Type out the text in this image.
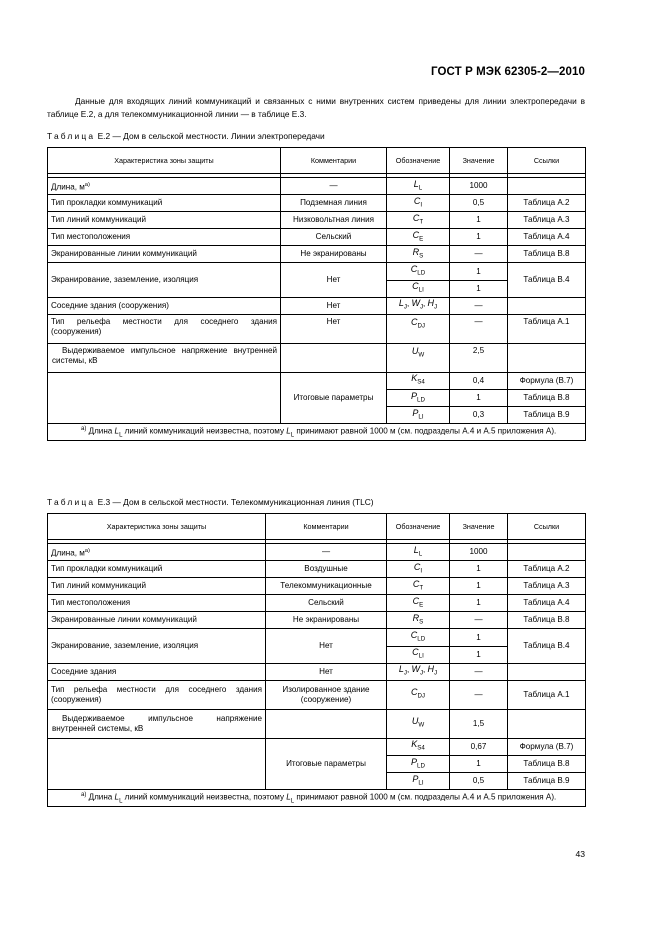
ГОСТ Р МЭК 62305-2—2010

Данные для входящих линий коммуникаций и связанных с ними внутренних систем приведены для линии электропередачи в таблице E.2, а для телекоммуникационной линии — в таблице E.3.

Таблица E.2 — Дом в сельской местности. Линии электропередачи
Характеристика зоны защиты	Комментарии	Обозначение	Значение	Ссылки

Длина, $м^{a)}$	—	$L_L$	1000	
Тип прокладки коммуникаций	Подземная линия	$C_I$	0,5	Таблица А.2
Тип линий коммуникаций	Низковольтная линия	$C_T$	1	Таблица А.3
Тип местоположения	Сельский	$C_E$	1	Таблица А.4
Экранированные линии коммуникаций	Не экранированы	$R_S$	—	Таблица В.8
Экранирование, заземление, изоляция	Нет	$C_{LD}$	1	Таблица В.4
		$C_{LI}$	1	
Соседние здания (сооружения)	Нет	$L_J$, $W_J$, $H_J$	—	
Тип рельефа местности для соседнего здания (сооружения)	Нет	$C_{DJ}$	—	Таблица А.1
Выдерживаемое импульсное напряжение внутренней системы, кВ		$U_W$	2,5	
	Итоговые параметры	$K_{S4}$	0,4	Формула (В.7)
		$P_{LD}$	1	Таблица В.8
		$P_{LI}$	0,3	Таблица В.9
$^{a)}$ Длина $L_L$ линий коммуникаций неизвестна, поэтому $L_L$ принимают равной 1000 м (см. подразделы А.4 и А.5 приложения А).				
Таблица E.3 — Дом в сельской местности. Телекоммуникационная линия (TLC)
Характеристика зоны защиты	Комментарии	Обозначение	Значение	Ссылки

Длина, $м^{a)}$	—	$L_L$	1000	
Тип прокладки коммуникаций	Воздушные	$C_I$	1	Таблица А.2
Тип линий коммуникаций	Телекоммуникационные	$C_T$	1	Таблица А.3
Тип местоположения	Сельский	$C_E$	1	Таблица А.4
Экранированные линии коммуникаций	Не экранированы	$R_S$	—	Таблица В.8
Экранирование, заземление, изоляция	Нет	$C_{LD}$	1	Таблица В.4
		$C_{LI}$	1	
Соседние здания	Нет	$L_J$, $W_J$, $H_J$	—	
Тип рельефа местности для соседнего здания (сооружения)	Изолированное здание (сооружение)	$C_{DJ}$	—	Таблица А.1
Выдерживаемое импульсное напряжение внутренней системы, кВ		$U_W$	1,5	
	Итоговые параметры	$K_{S4}$	0,67	Формула (В.7)
		$P_{LD}$	1	Таблица В.8
		$P_{LI}$	0,5	Таблица В.9
$^{a)}$ Длина $L_L$ линий коммуникаций неизвестна, поэтому $L_L$ принимают равной 1000 м (см. подразделы А.4 и А.5 приложения А).				
43
